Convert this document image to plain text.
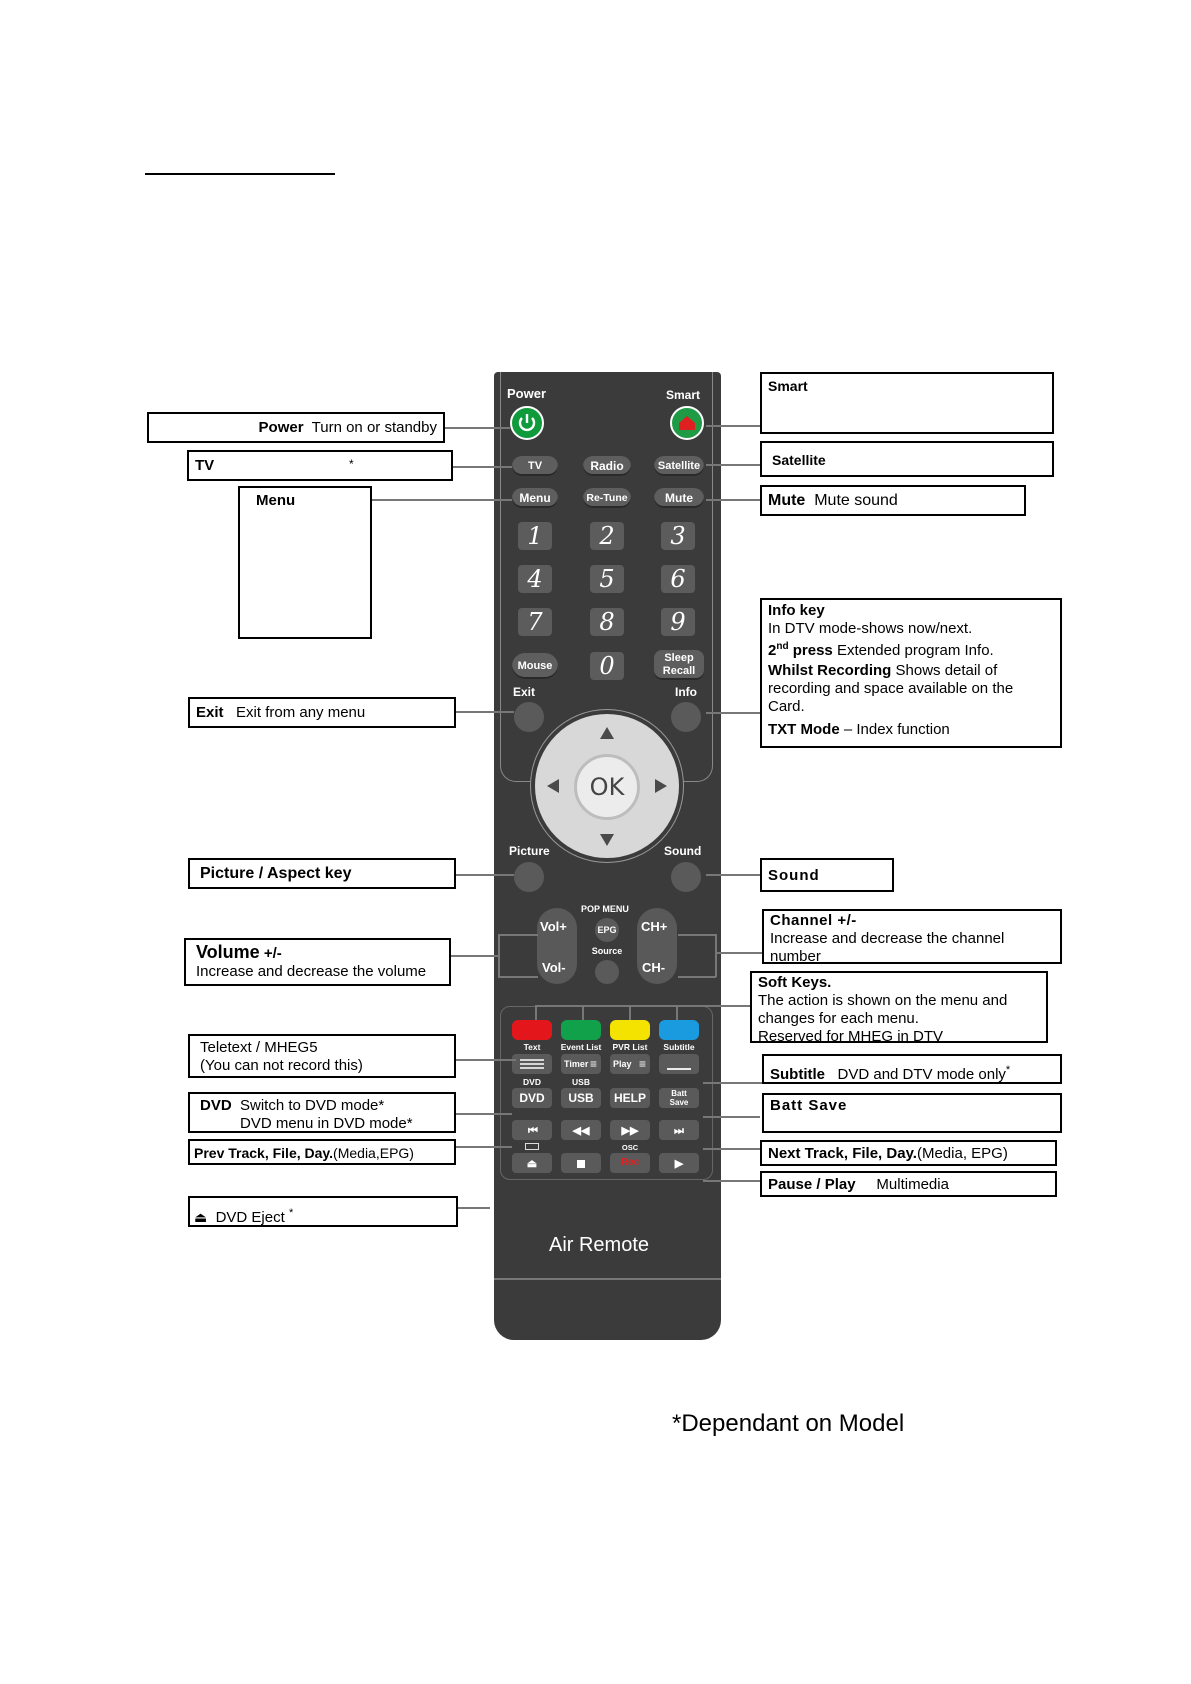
Power	Smart
TV	Radio	Satellite
Menu	Re-Tune	Mute
1	2	3
4	5	6
7	8	9
Mouse	0	Sleep
Recall
Exit	Info
OK
Picture	Sound
POP MENU
Vol+
Vol-
CH+
CH-
EPG
Source
Text	Event List	PVR List	Subtitle
Timer ≡	Play ≡
DVD	USB
DVD	USB	HELP	Batt
Save
⏮	◀◀	▶▶	⏭
OSC
⏏	Rec	▶
Air Remote
Power Turn on or standby
TV	*
Menu
Exit Exit from any menu
Picture / Aspect key
Volume +/-
Increase and decrease the volume
Teletext / MHEG5
(You can not record this)
DVD Switch to DVD mode*
DVD menu in DVD mode*
Prev Track, File, Day.(Media,EPG)
⏏ DVD Eject *
Smart
Satellite
Mute Mute sound
Info key
In DTV mode-shows now/next.
2nd press Extended program Info.
Whilst Recording Shows detail of
recording and space available on the
Card.
TXT Mode – Index function
Sound
Channel +/-
Increase and decrease the channel
number
Soft Keys.
The action is shown on the menu and
changes for each menu.
Reserved for MHEG in DTV
Subtitle DVD and DTV mode only*
Batt Save
Next Track, File, Day.(Media, EPG)
Pause / Play Multimedia
*Dependant on Model
